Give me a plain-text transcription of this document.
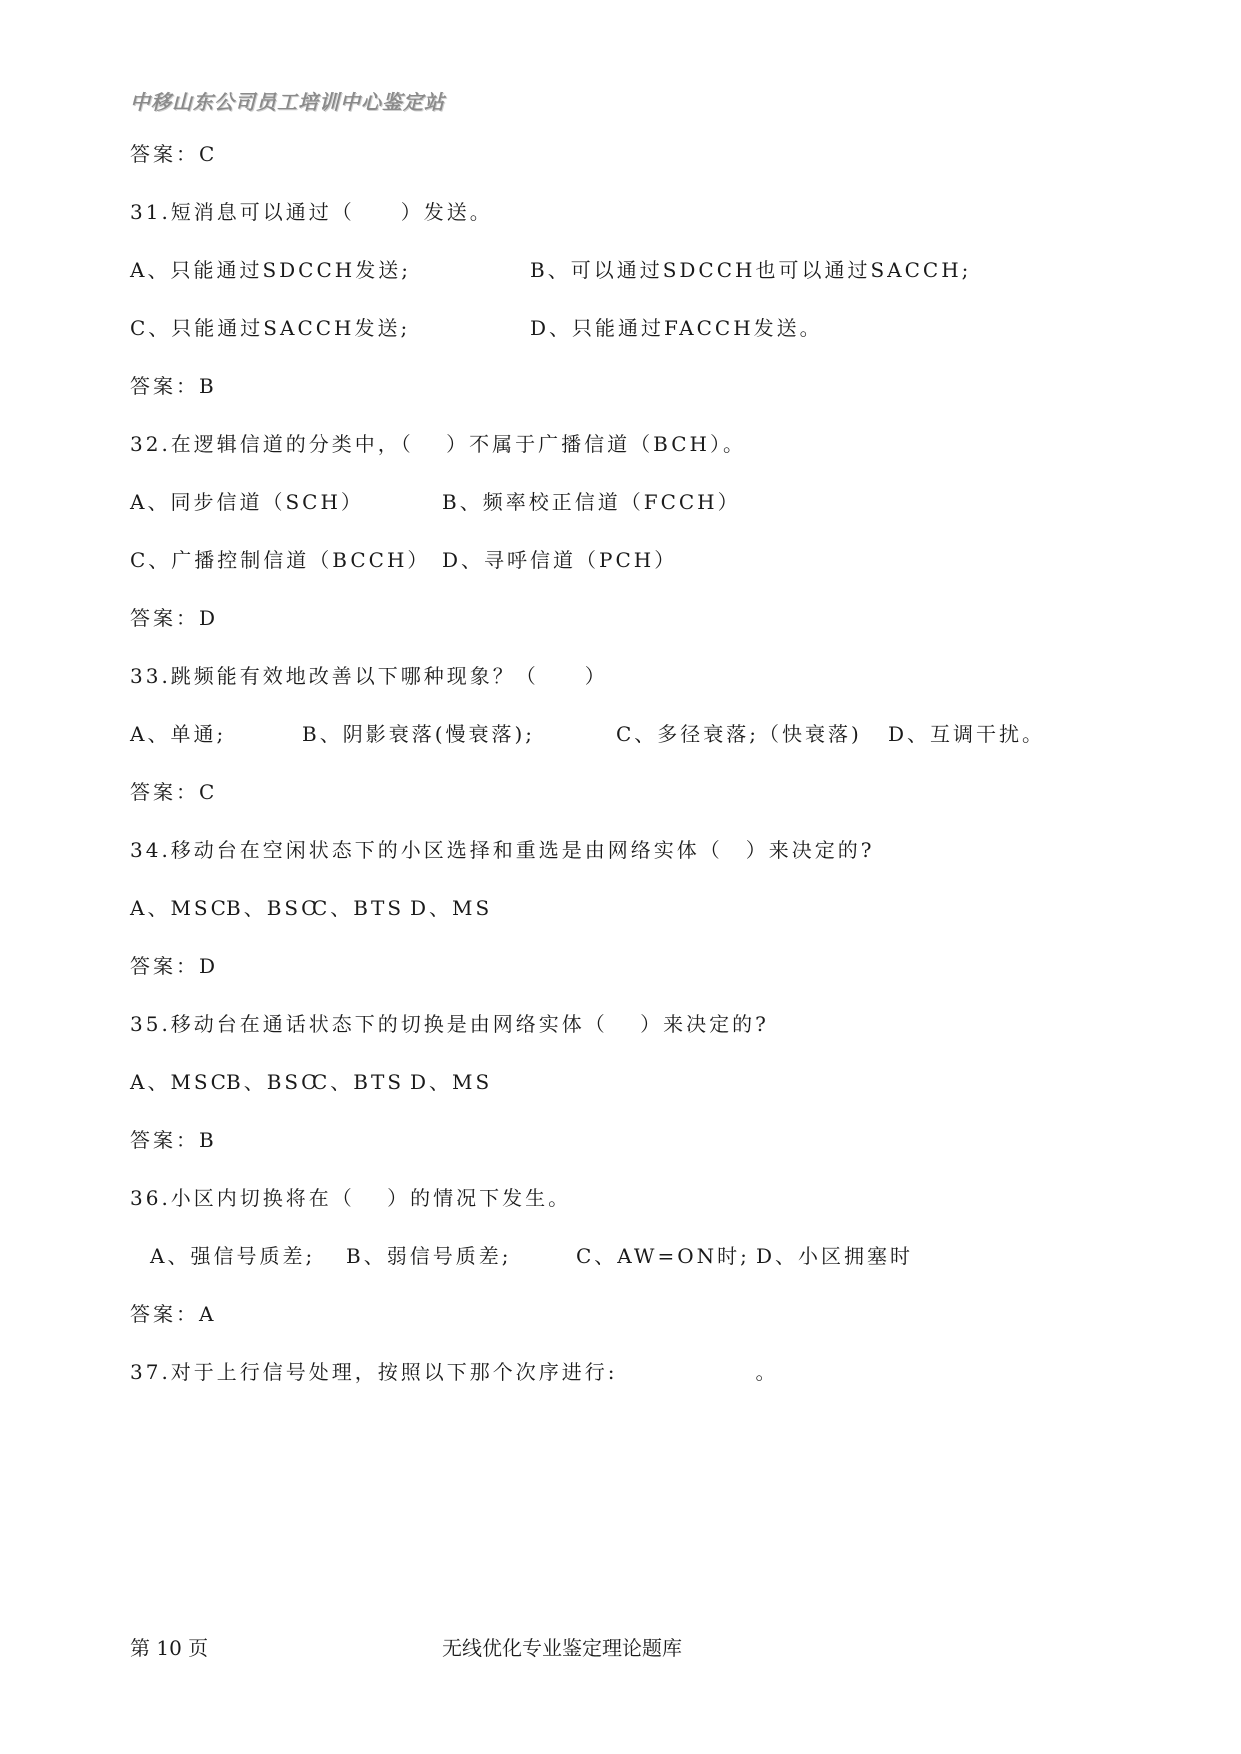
中移山东公司员工培训中心鉴定站
答案：C
31.短消息可以通过（　　）发送。
A、只能通过SDCCH发送;	B、可以通过SDCCH也可以通过SACCH;
C、只能通过SACCH发送;	D、只能通过FACCH发送。
答案：B
32.在逻辑信道的分类中，（　 ）不属于广播信道（BCH）。
A、同步信道（SCH）	B、频率校正信道（FCCH）
C、广播控制信道（BCCH） D、寻呼信道（PCH）
答案：D
33.跳频能有效地改善以下哪种现象？（　　）
A、单通;	B、阴影衰落(慢衰落);	C、多径衰落;（快衰落) D、互调干扰。
答案：C
34.移动台在空闲状态下的小区选择和重选是由网络实体（　）来决定的?
A、MSC
B、BSC
C、BTS D、MS
答案：D
35.移动台在通话状态下的切换是由网络实体（　 ）来决定的?
A、MSC
B、BSC
C、BTS D、MS
答案：B
36.小区内切换将在（　 ）的情况下发生。
A、强信号质差; B、弱信号质差;	C、AW=ON时; D、小区拥塞时
答案：A
37.对于上行信号处理，按照以下那个次序进行:　　　　　　。
第 10 页	无线优化专业鉴定理论题库
